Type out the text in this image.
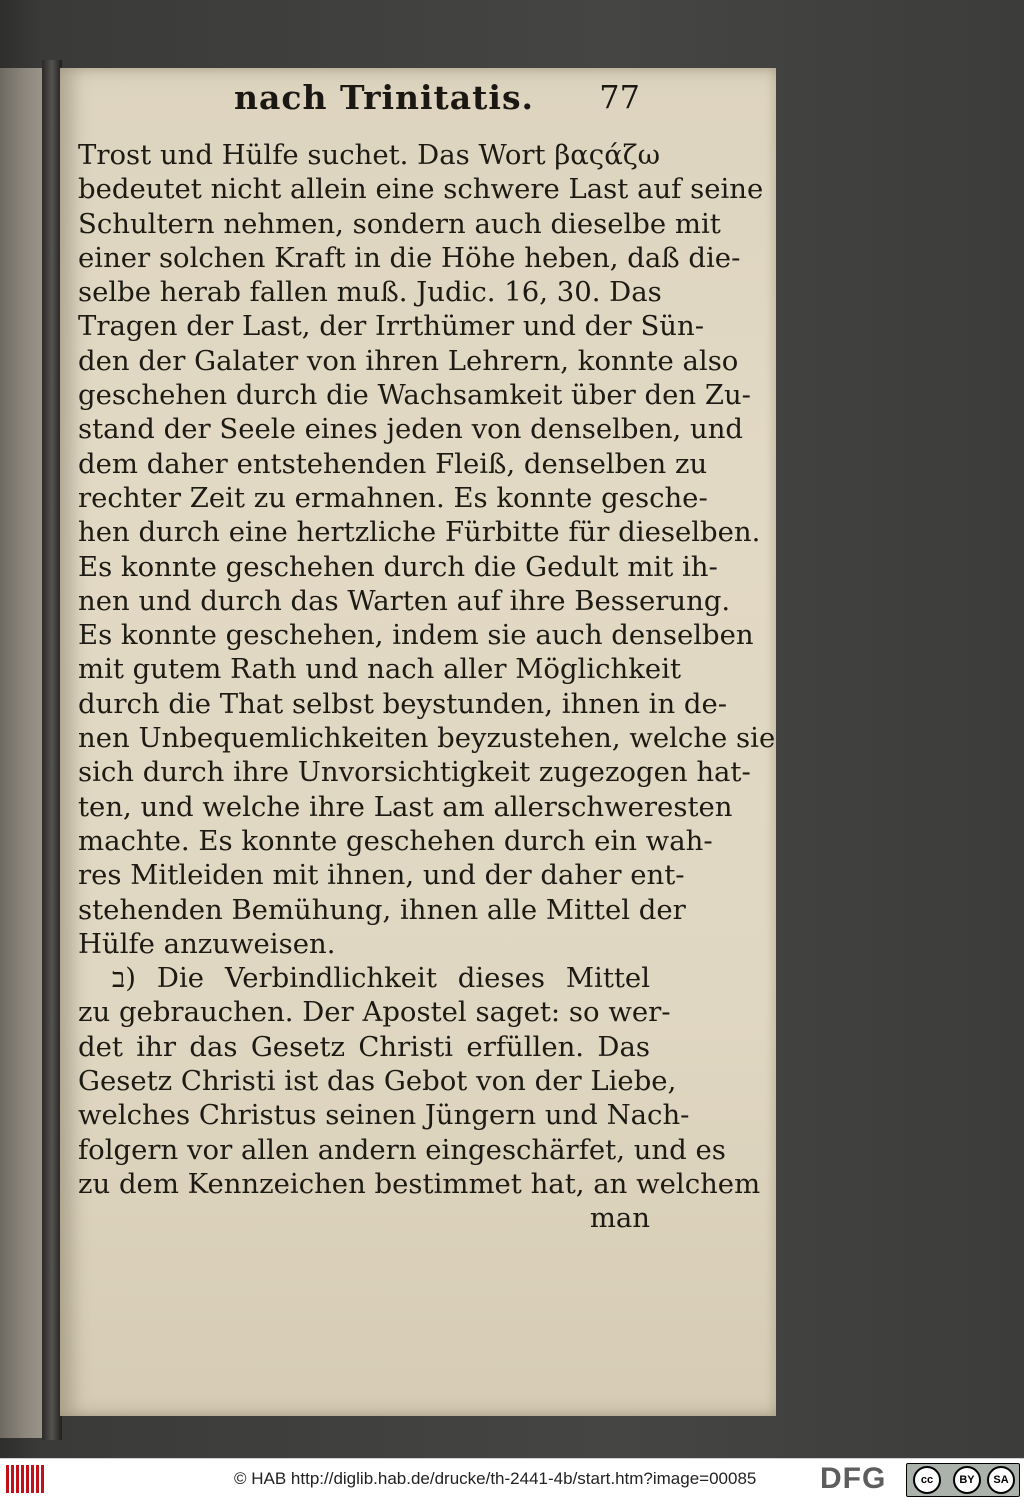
nach Trinitatis. 77
Trost und Hülfe suchet. Das Wort βαςάζω
bedeutet nicht allein eine schwere Last auf seine
Schultern nehmen, sondern auch dieselbe mit
einer solchen Kraft in die Höhe heben, daß die-
selbe herab fallen muß. Judic. 16, 30. Das
Tragen der Last, der Irrthümer und der Sün-
den der Galater von ihren Lehrern, konnte also
geschehen durch die Wachsamkeit über den Zu-
stand der Seele eines jeden von denselben, und
dem daher entstehenden Fleiß, denselben zu
rechter Zeit zu ermahnen. Es konnte gesche-
hen durch eine hertzliche Fürbitte für dieselben.
Es konnte geschehen durch die Gedult mit ih-
nen und durch das Warten auf ihre Besserung.
Es konnte geschehen, indem sie auch denselben
mit gutem Rath und nach aller Möglichkeit
durch die That selbst beystunden, ihnen in de-
nen Unbequemlichkeiten beyzustehen, welche sie
sich durch ihre Unvorsichtigkeit zugezogen hat-
ten, und welche ihre Last am allerschweresten
machte. Es konnte geschehen durch ein wah-
res Mitleiden mit ihnen, und der daher ent-
stehenden Bemühung, ihnen alle Mittel der
Hülfe anzuweisen.
ב) Die Verbindlichkeit dieses Mittel
zu gebrauchen. Der Apostel saget: so wer-
det ihr das Gesetz Christi erfüllen. Das
Gesetz Christi ist das Gebot von der Liebe,
welches Christus seinen Jüngern und Nach-
folgern vor allen andern eingeschärfet, und es
zu dem Kennzeichen bestimmet hat, an welchem
man
© HAB http://diglib.hab.de/drucke/th-2441-4b/start.htm?image=00085 DFG	cc	BY	SA
